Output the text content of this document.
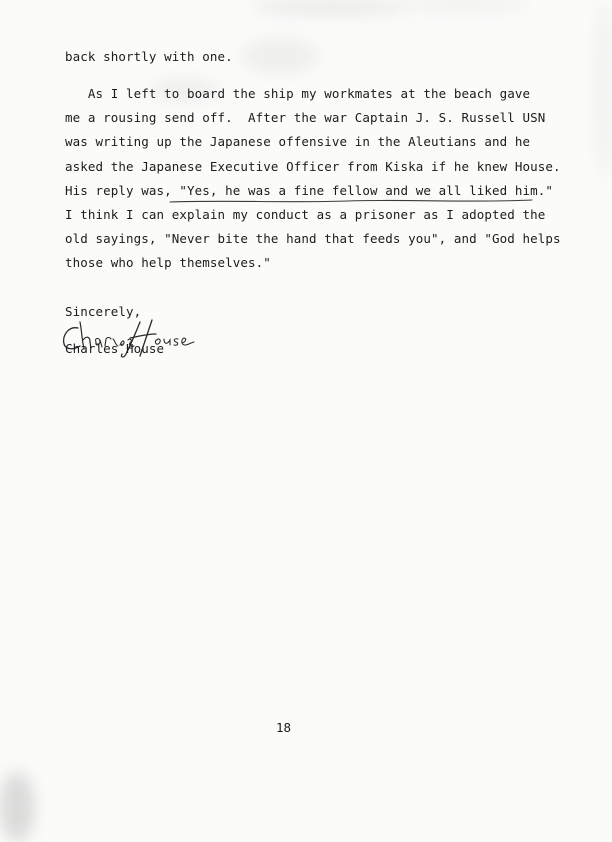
back shortly with one.

As I left to board the ship my workmates at the beach gave

me a rousing send off.  After the war Captain J. S. Russell USN

was writing up the Japanese offensive in the Aleutians and he

asked the Japanese Executive Officer from Kiska if he knew House.

His reply was, "Yes, he was a fine fellow and we all liked him."

I think I can explain my conduct as a prisoner as I adopted the

old sayings, "Never bite the hand that feeds you", and "God helps

those who help themselves."

Sincerely,

Charles House

18
